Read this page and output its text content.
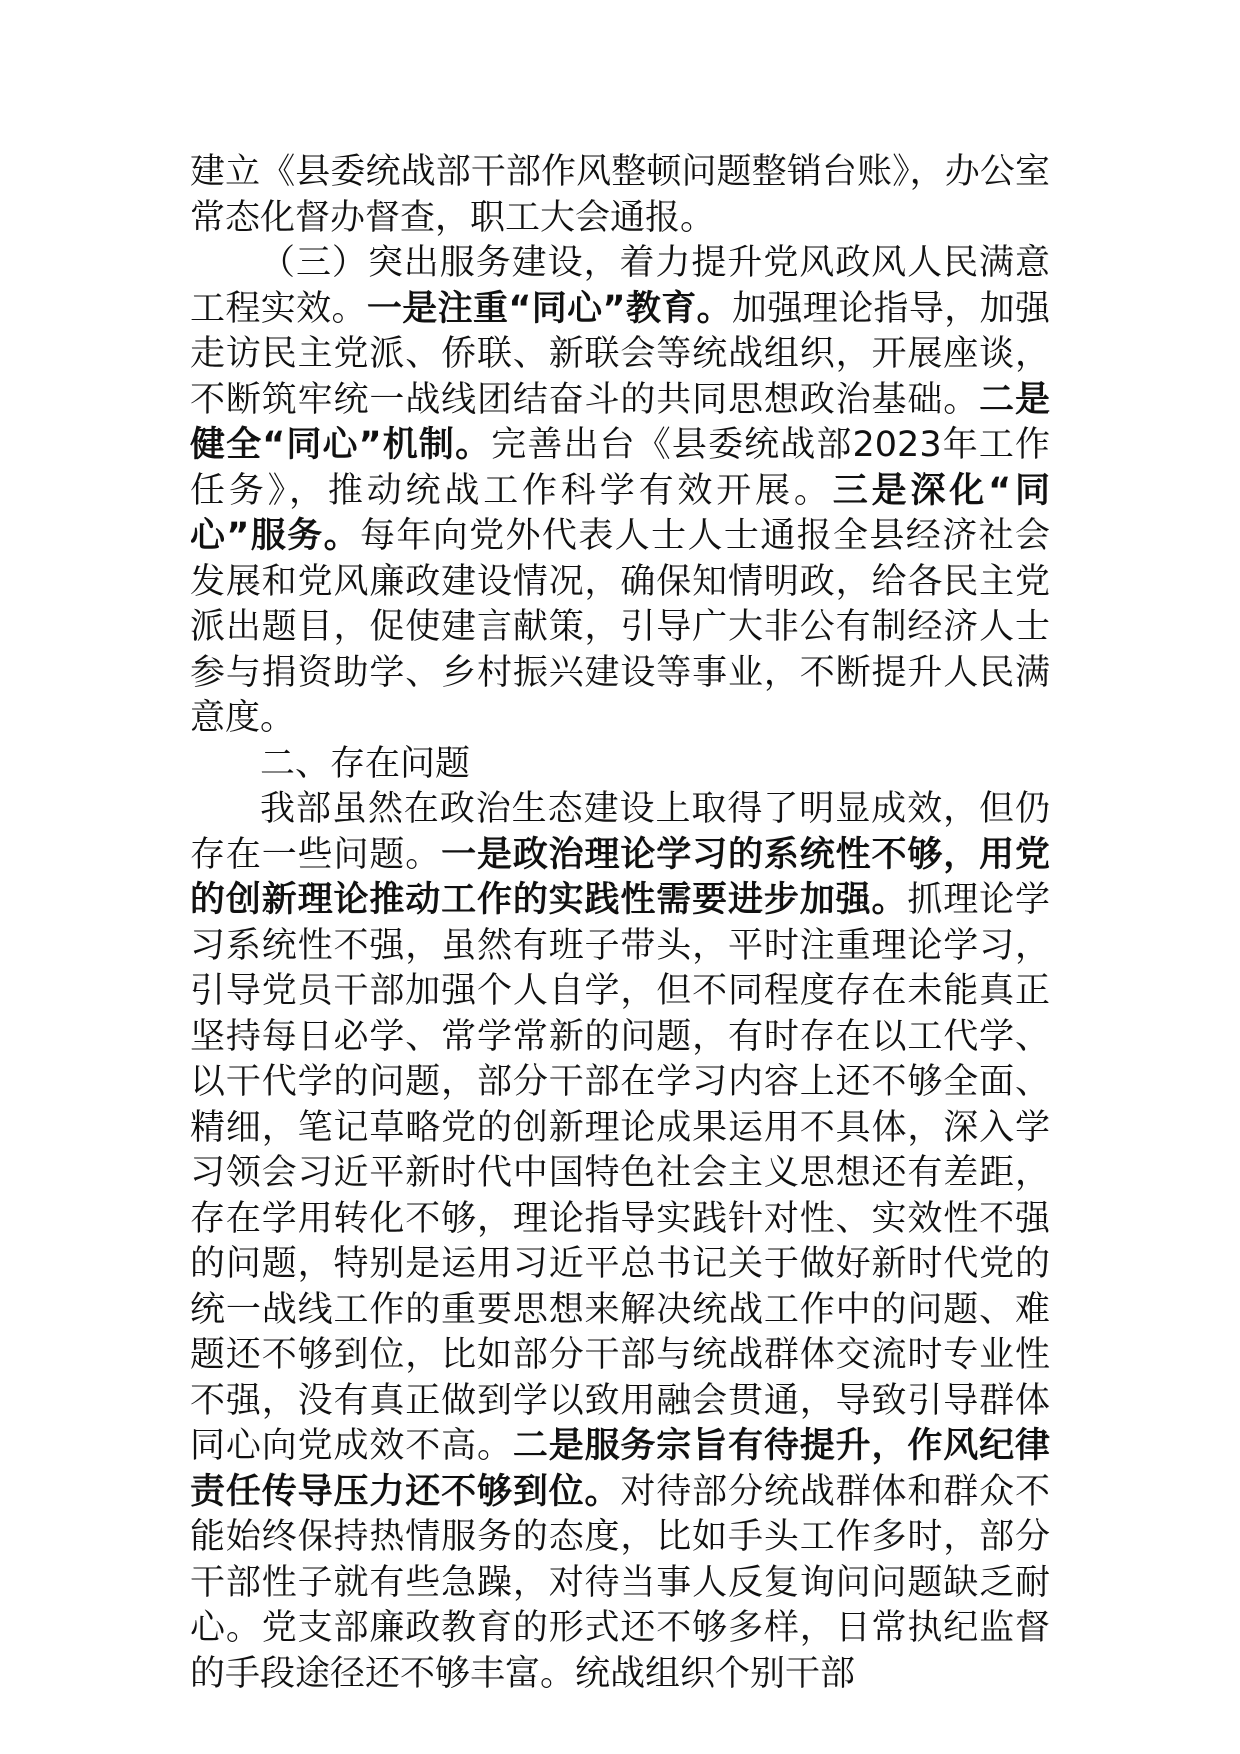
建立《县委统战部干部作风整顿问题整销台账》，办公室常态化督办督查，职工大会通报。

（三）突出服务建设，着力提升党风政风人民满意工程实效。一是注重“同心”教育。加强理论指导，加强走访民主党派、侨联、新联会等统战组织，开展座谈，不断筑牢统一战线团结奋斗的共同思想政治基础。二是健全“同心”机制。完善出台《县委统战部2023年工作任务》，推动统战工作科学有效开展。三是深化“同心”服务。每年向党外代表人士人士通报全县经济社会发展和党风廉政建设情况，确保知情明政，给各民主党派出题目，促使建言献策，引导广大非公有制经济人士参与捐资助学、乡村振兴建设等事业，不断提升人民满意度。

二、存在问题

我部虽然在政治生态建设上取得了明显成效，但仍存在一些问题。一是政治理论学习的系统性不够，用党的创新理论推动工作的实践性需要进步加强。抓理论学习系统性不强，虽然有班子带头，平时注重理论学习，引导党员干部加强个人自学，但不同程度存在未能真正坚持每日必学、常学常新的问题，有时存在以工代学、以干代学的问题，部分干部在学习内容上还不够全面、精细，笔记草略党的创新理论成果运用不具体，深入学习领会习近平新时代中国特色社会主义思想还有差距，存在学用转化不够，理论指导实践针对性、实效性不强的问题，特别是运用习近平总书记关于做好新时代党的统一战线工作的重要思想来解决统战工作中的问题、难题还不够到位，比如部分干部与统战群体交流时专业性不强，没有真正做到学以致用融会贯通，导致引导群体同心向党成效不高。二是服务宗旨有待提升，作风纪律责任传导压力还不够到位。对待部分统战群体和群众不能始终保持热情服务的态度，比如手头工作多时，部分干部性子就有些急躁，对待当事人反复询问问题缺乏耐心。党支部廉政教育的形式还不够多样，日常执纪监督的手段途径还不够丰富。统战组织个别干部
